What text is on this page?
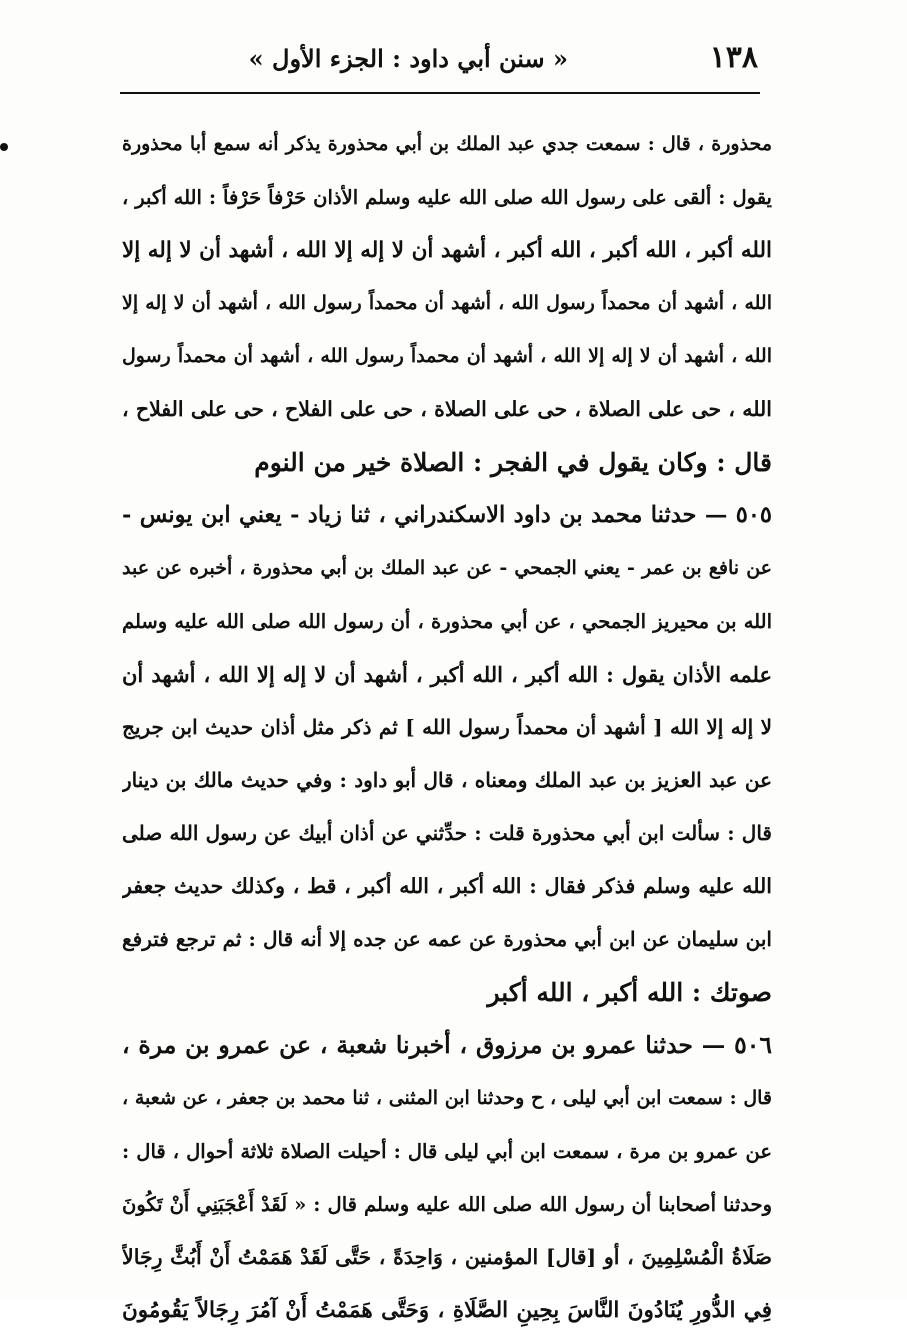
١٣٨
« سنن أبي داود : الجزء الأول »
محذورة ، قال : سمعت جدي عبد الملك بن أبي محذورة يذكر أنه سمع أبا محذورة
يقول : ألقى على رسول الله صلى الله عليه وسلم الأذان حَرْفاً حَرْفاً : الله أكبر ،
الله أكبر ، الله أكبر ، الله أكبر ، أشهد أن لا إله إلا الله ، أشهد أن لا إله إلا
الله ، أشهد أن محمداً رسول الله ، أشهد أن محمداً رسول الله ، أشهد أن لا إله إلا
الله ، أشهد أن لا إله إلا الله ، أشهد أن محمداً رسول الله ، أشهد أن محمداً رسول
الله ، حى على الصلاة ، حى على الصلاة ، حى على الفلاح ، حى على الفلاح ،
قال : وكان يقول في الفجر : الصلاة خير من النوم
٥٠٥ — حدثنا محمد بن داود الاسكندراني ، ثنا زياد - يعني ابن يونس -
عن نافع بن عمر - يعني الجمحي - عن عبد الملك بن أبي محذورة ، أخبره عن عبد
الله بن محيريز الجمحي ، عن أبي محذورة ، أن رسول الله صلى الله عليه وسلم
علمه الأذان يقول : الله أكبر ، الله أكبر ، أشهد أن لا إله إلا الله ، أشهد أن
لا إله إلا الله [ أشهد أن محمداً رسول الله ] ثم ذكر مثل أذان حديث ابن جريج
عن عبد العزيز بن عبد الملك ومعناه ، قال أبو داود : وفي حديث مالك بن دينار
قال : سألت ابن أبي محذورة قلت : حدِّثني عن أذان أبيك عن رسول الله صلى
الله عليه وسلم فذكر فقال : الله أكبر ، الله أكبر ، قط ، وكذلك حديث جعفر
ابن سليمان عن ابن أبي محذورة عن عمه عن جده إلا أنه قال : ثم ترجع فترفع
صوتك : الله أكبر ، الله أكبر
٥٠٦ — حدثنا عمرو بن مرزوق ، أخبرنا شعبة ، عن عمرو بن مرة ،
قال : سمعت ابن أبي ليلى ، ح وحدثنا ابن المثنى ، ثنا محمد بن جعفر ، عن شعبة ،
عن عمرو بن مرة ، سمعت ابن أبي ليلى قال : أحيلت الصلاة ثلاثة أحوال ، قال :
وحدثنا أصحابنا أن رسول الله صلى الله عليه وسلم قال : « لَقَدْ أَعْجَبَنِي أَنْ تَكُونَ
صَلَاةُ الْمُسْلِمِينَ ، أو [قال] المؤمنين ، وَاحِدَةً ، حَتَّى لَقَدْ هَمَمْتُ أَنْ أَبُثَّ رِجَالاً
فِي الدُّورِ يُنَادُونَ النَّاسَ بِحِينِ الصَّلَاةِ ، وَحَتَّى هَمَمْتُ أَنْ آمُرَ رِجَالاً يَقُومُونَ
